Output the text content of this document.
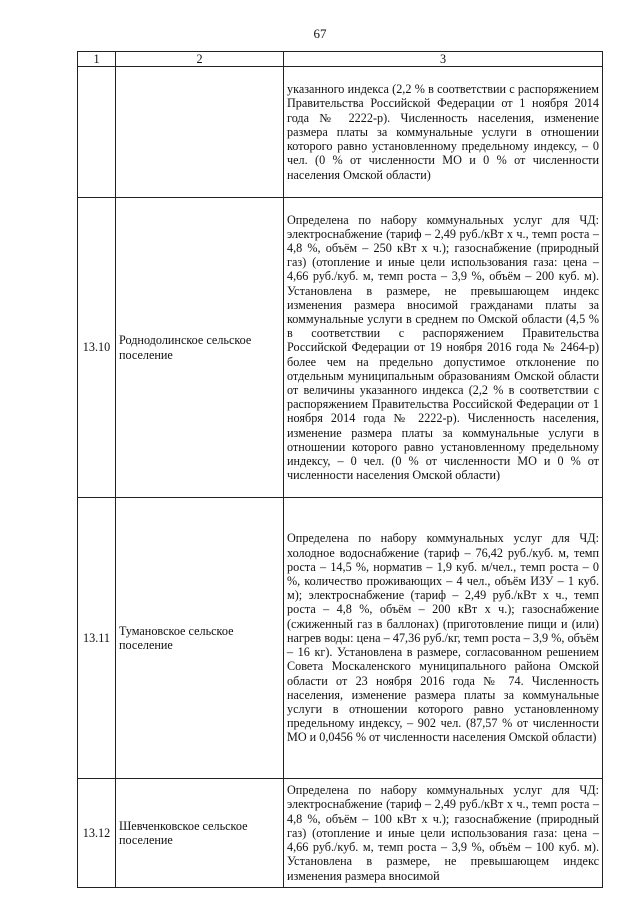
67
1	2	3
		указанного индекса (2,2 % в соответствии с распоряжением Правительства Российской Федерации от 1 ноября 2014 года № 2222-р). Численность населения, изменение размера платы за коммунальные услуги в отношении которого равно установленному предельному индексу, – 0 чел. (0 % от численности МО и 0 % от численности населения Омской области)
13.10	Роднодолинское сельское поселение	Определена по набору коммунальных услуг для ЧД: электроснабжение (тариф – 2,49 руб./кВт х ч., темп роста – 4,8 %, объём – 250 кВт х ч.); газоснабжение (природный газ) (отопление и иные цели использования газа: цена – 4,66 руб./куб. м, темп роста – 3,9 %, объём – 200 куб. м). Установлена в размере, не превышающем индекс изменения размера вносимой гражданами платы за коммунальные услуги в среднем по Омской области (4,5 % в соответствии с распоряжением Правительства Российской Федерации от 19 ноября 2016 года № 2464-р) более чем на предельно допустимое отклонение по отдельным муниципальным образованиям Омской области от величины указанного индекса (2,2 % в соответствии с распоряжением Правительства Российской Федерации от 1 ноября 2014 года № 2222-р). Численность населения, изменение размера платы за коммунальные услуги в отношении которого равно установленному предельному индексу, – 0 чел. (0 % от численности МО и 0 % от численности населения Омской области)
13.11	Тумановское сельское поселение	Определена по набору коммунальных услуг для ЧД: холодное водоснабжение (тариф – 76,42 руб./куб. м, темп роста – 14,5 %, норматив – 1,9 куб. м/чел., темп роста – 0 %, количество проживающих – 4 чел., объём ИЗУ – 1 куб. м); электроснабжение (тариф – 2,49 руб./кВт х ч., темп роста – 4,8 %, объём – 200 кВт х ч.); газоснабжение (сжиженный газ в баллонах) (приготовление пищи и (или) нагрев воды: цена – 47,36 руб./кг, темп роста – 3,9 %, объём – 16 кг). Установлена в размере, согласованном решением Совета Москаленского муниципального района Омской области от 23 ноября 2016 года № 74. Численность населения, изменение размера платы за коммунальные услуги в отношении которого равно установленному предельному индексу, – 902 чел. (87,57 % от численности МО и 0,0456 % от численности населения Омской области)
13.12	Шевченковское сельское поселение	Определена по набору коммунальных услуг для ЧД: электроснабжение (тариф – 2,49 руб./кВт х ч., темп роста – 4,8 %, объём – 100 кВт х ч.); газоснабжение (природный газ) (отопление и иные цели использования газа: цена – 4,66 руб./куб. м, темп роста – 3,9 %, объём – 100 куб. м). Установлена в размере, не превышающем индекс изменения размера вносимой
